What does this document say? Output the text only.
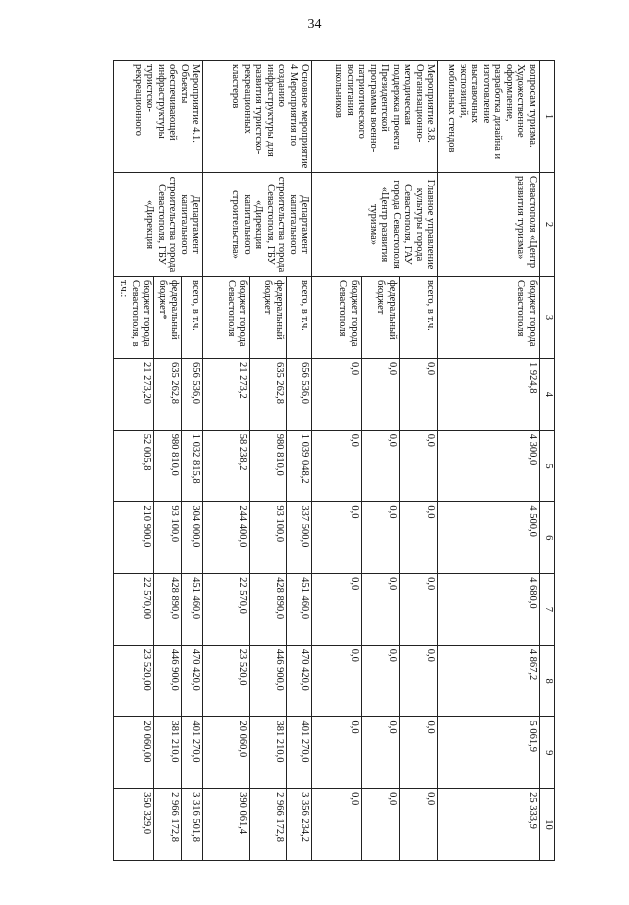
34
1	2	3	4	5	6	7	8	9	10
вопросам туризма. Художественное оформление, разработка дизайна и изготовление выставочных экспозиций, мобильных стендов	Севастополя «Центр развития туризма»	бюджет города Севастополя	1 924,8	4 300,0	4 500,0	4 680,0	4 867,2	5 061,9	25 333,9
Мероприятие 3.8. Организационно-методическая поддержка проекта Президентской программы военно-патриотического воспитания школьников	Главное управление культуры города Севастополя, ГАУ города Севастополя «Центр развития туризма»	всего, в т.ч.	0,0	0,0	0,0	0,0	0,0	0,0	0,0
		федеральный бюджет	0,0	0,0	0,0	0,0	0,0	0,0	0,0
		бюджет города Севастополя	0,0	0,0	0,0	0,0	0,0	0,0	0,0
Основное мероприятие 4 Мероприятия по созданию инфраструктуры для развития туристско-рекреационных кластеров	Департамент капитального строительства города Севастополя, ГБУ «Дирекция капитального строительства»	всего, в т.ч.	656 536,0	1 039 048,2	337 500,0	451 460,0	470 420,0	401 270,0	3 356 234,2
		федеральный бюджет	635 262,8	980 810,0	93 100,0	428 890,0	446 900,0	381 210,0	2 966 172,8
		бюджет города Севастополя	21 273,2	58 238,2	244 400,0	22 570,0	23 520,0	20 060,0	390 061,4
Мероприятие 4.1. Объекты обеспечивающей инфраструктуры туристско-рекреационного	Департамент капитального строительства города Севастополя, ГБУ «Дирекция	всего, в т.ч.	656 536,0	1 032 815,8	304 000,0	451 460,0	470 420,0	401 270,0	3 316 501,8
		федеральный бюджет*	635 262,8	980 810,0	93 100,0	428 890,0	446 900,0	381 210,0	2 966 172,8
		бюджет города Севастополя, в т.ч.:	21 273,20	52 005,8	210 900,0	22 570,00	23 520,00	20 060,00	350 329,0
